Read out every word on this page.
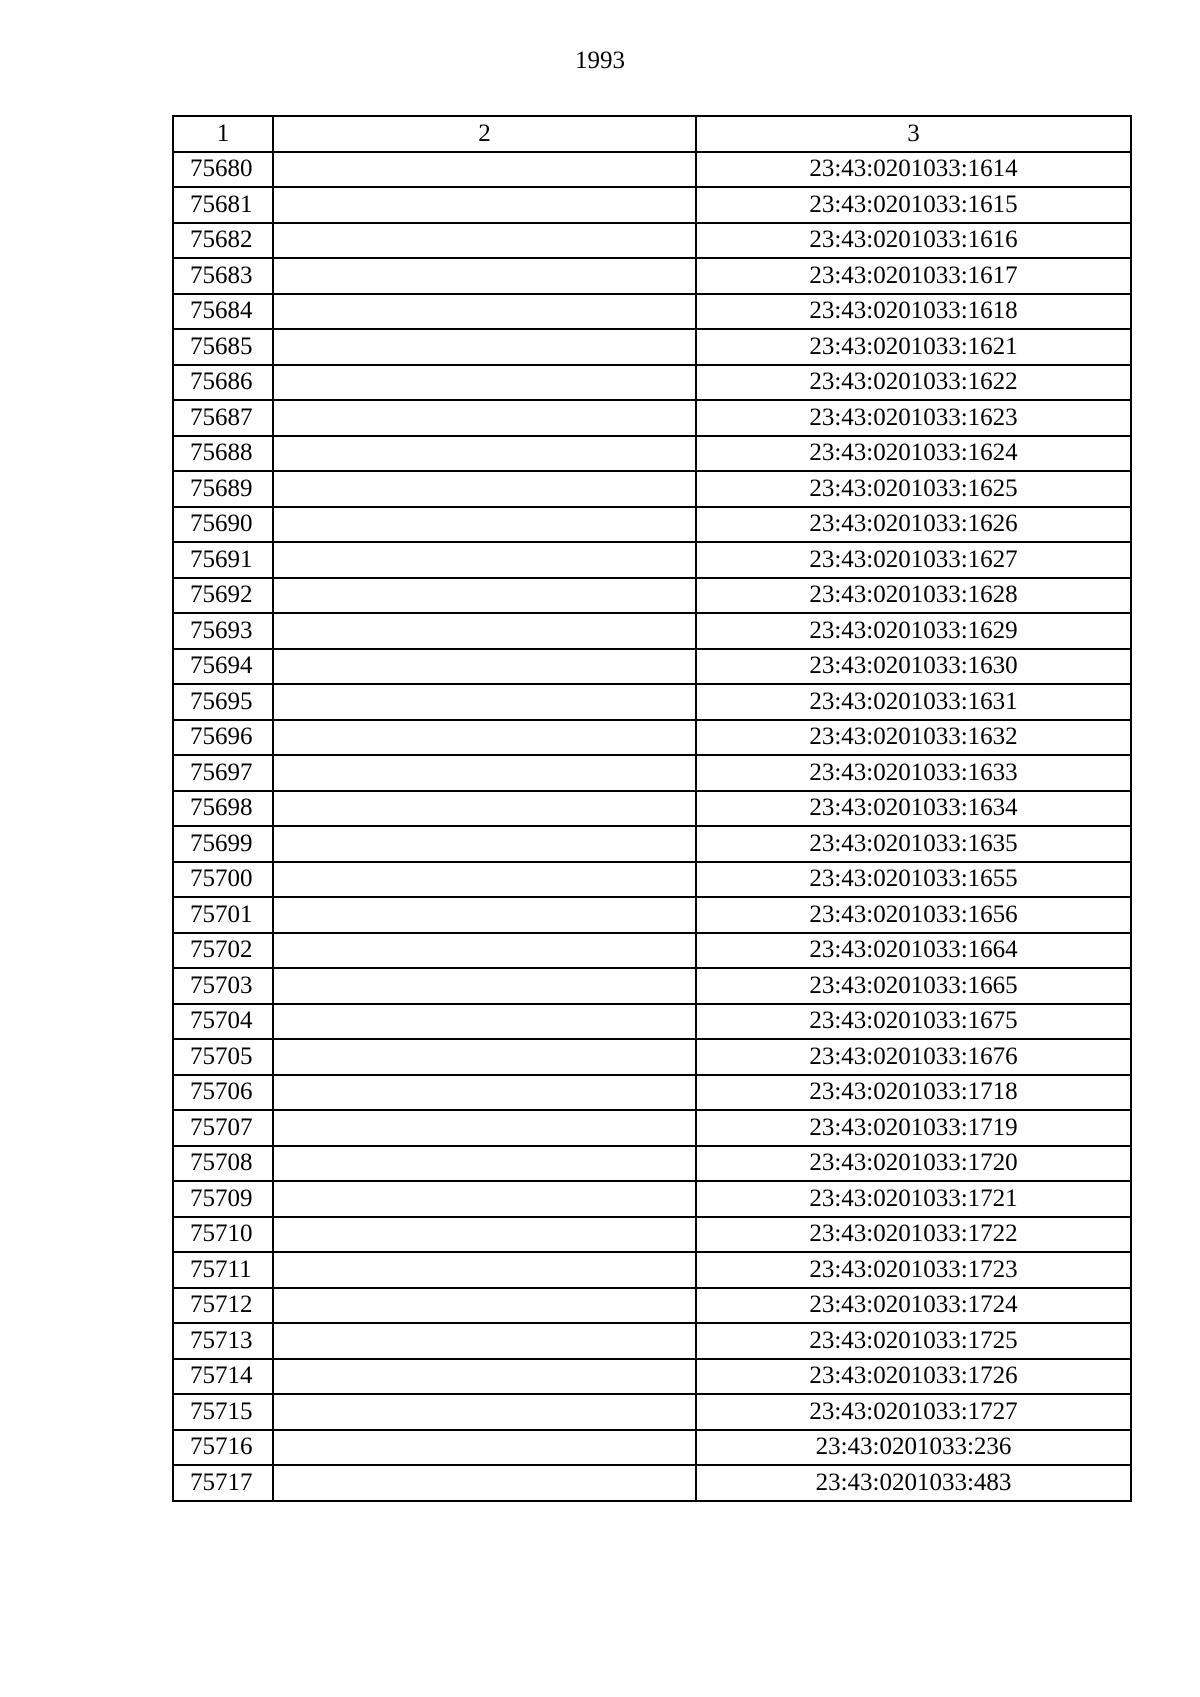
1993
1	2	3
75680		23:43:0201033:1614
75681		23:43:0201033:1615
75682		23:43:0201033:1616
75683		23:43:0201033:1617
75684		23:43:0201033:1618
75685		23:43:0201033:1621
75686		23:43:0201033:1622
75687		23:43:0201033:1623
75688		23:43:0201033:1624
75689		23:43:0201033:1625
75690		23:43:0201033:1626
75691		23:43:0201033:1627
75692		23:43:0201033:1628
75693		23:43:0201033:1629
75694		23:43:0201033:1630
75695		23:43:0201033:1631
75696		23:43:0201033:1632
75697		23:43:0201033:1633
75698		23:43:0201033:1634
75699		23:43:0201033:1635
75700		23:43:0201033:1655
75701		23:43:0201033:1656
75702		23:43:0201033:1664
75703		23:43:0201033:1665
75704		23:43:0201033:1675
75705		23:43:0201033:1676
75706		23:43:0201033:1718
75707		23:43:0201033:1719
75708		23:43:0201033:1720
75709		23:43:0201033:1721
75710		23:43:0201033:1722
75711		23:43:0201033:1723
75712		23:43:0201033:1724
75713		23:43:0201033:1725
75714		23:43:0201033:1726
75715		23:43:0201033:1727
75716		23:43:0201033:236
75717		23:43:0201033:483
